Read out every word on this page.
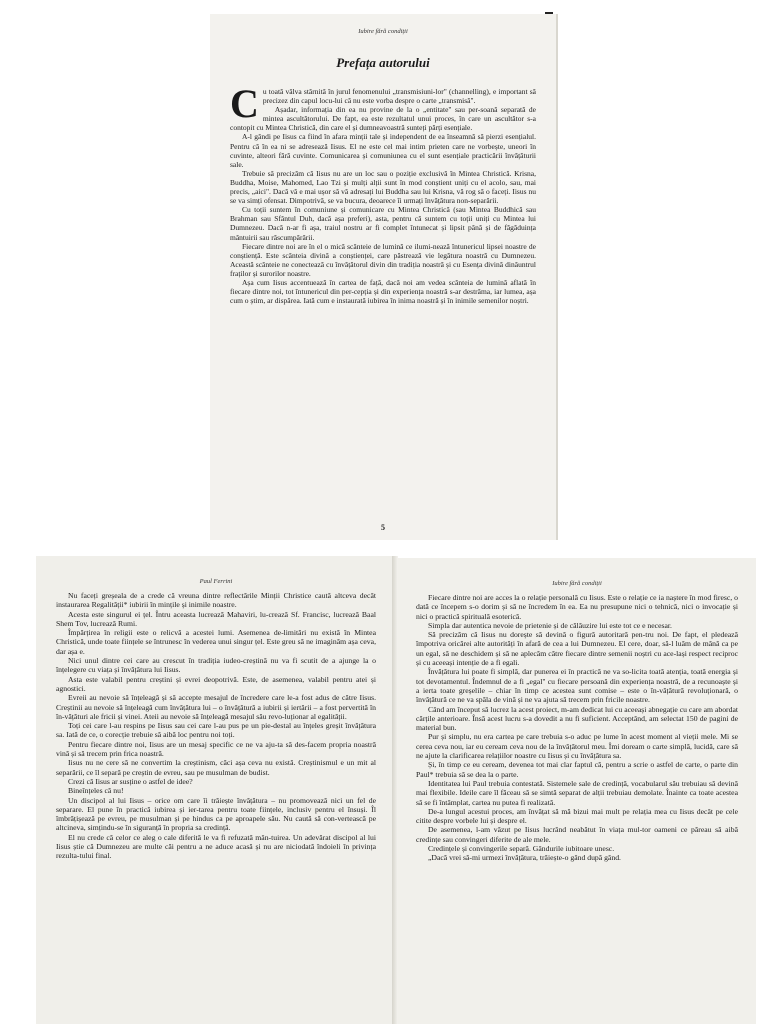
Iubire fără condiții
Prefața autorului

Cu toată vâlva stârnită în jurul fenomenului „transmisiuni-lor" (channelling), e important să precizez din capul locu-lui că nu este vorba despre o carte „transmisă".

Așadar, informația din ea nu provine de la o „entitate" sau per-soană separată de mintea ascultătorului. De fapt, ea este rezultatul unui proces, în care un ascultător s-a contopit cu Mintea Christică, din care el și dumneavoastră sunteți părți esențiale.

A-l gândi pe Iisus ca fiind în afara minții tale și independent de ea înseamnă să pierzi esențialul. Pentru că în ea ni se adresează Iisus. El ne este cel mai intim prieten care ne vorbește, uneori în cuvinte, alteori fără cuvinte. Comunicarea și comuniunea cu el sunt esențiale practicării învățăturii sale.

Trebuie să precizăm că Iisus nu are un loc sau o poziție exclusivă în Mintea Christică. Krisna, Buddha, Moise, Mahomed, Lao Tzi și mulți alții sunt în mod conștient uniți cu el acolo, sau, mai precis, „aici". Dacă vă e mai ușor să vă adresați lui Buddha sau lui Krisna, vă rog să o faceți. Iisus nu se va simți ofensat. Dimpotrivă, se va bucura, deoarece îi urmați învățătura non-separării.

Cu toții suntem în comuniune și comunicare cu Mintea Christică (sau Mintea Buddhică sau Brahman sau Sfântul Duh, dacă așa preferi), asta, pentru că suntem cu toții uniți cu Mintea lui Dumnezeu. Dacă n-ar fi așa, traiul nostru ar fi complet întunecat și lipsit până și de făgăduința mântuirii sau răscumpărării.

Fiecare dintre noi are în el o mică scânteie de lumină ce ilumi-nează întunericul lipsei noastre de conștiență. Este scânteia divină a conștienței, care păstrează vie legătura noastră cu Dumnezeu. Această scânteie ne conectează cu învățătorul divin din tradiția noastră și cu Esența divină dinăuntrul fraților și surorilor noastre.

Așa cum Iisus accentuează în cartea de față, dacă noi am vedea scânteia de lumină aflată în fiecare dintre noi, tot întunericul din per-cepția și din experiența noastră s-ar destrăma, iar lumea, așa cum o știm, ar dispărea. Iată cum e instaurată iubirea în inima noastră și în inimile semenilor noștri.

5
Paul Ferrini

Nu faceți greșeala de a crede că vreuna dintre reflectările Minții Christice caută altceva decât instaurarea Regalității* iubirii în mințile și inimile noastre.

Acesta este singurul ei țel. Întru aceasta lucrează Mahaviri, lu-crează Sf. Francisc, lucrează Baal Shem Tov, lucrează Rumi.

Împărțirea în religii este o relicvă a acestei lumi. Asemenea de-limitări nu există în Mintea Christică, unde toate ființele se întrunesc în vederea unui singur țel. Este greu să ne imaginăm așa ceva, dar așa e.

Nici unul dintre cei care au crescut în tradiția iudeo-creștină nu va fi scutit de a ajunge la o înțelegere cu viața și învățătura lui Iisus.

Asta este valabil pentru creștini și evrei deopotrivă. Este, de asemenea, valabil pentru atei și agnostici.

Evreii au nevoie să înțeleagă și să accepte mesajul de încredere care le-a fost adus de către Iisus. Creștinii au nevoie să înțeleagă cum învățătura lui – o învățătură a iubirii și iertării – a fost pervertită în în-vățături ale fricii și vinei. Ateii au nevoie să înțeleagă mesajul său revo-luționar al egalității.

Toți cei care l-au respins pe Iisus sau cei care l-au pus pe un pie-destal au înțeles greșit învățătura sa. Iată de ce, o corecție trebuie să aibă loc pentru noi toți.

Pentru fiecare dintre noi, Iisus are un mesaj specific ce ne va aju-ta să des-facem propria noastră vină și să trecem prin frica noastră.

Iisus nu ne cere să ne convertim la creștinism, căci așa ceva nu există. Creștinismul e un mit al separării, ce îl separă pe creștin de evreu, sau pe musulman de budist.

Crezi că Iisus ar susține o astfel de idee?

Bineînțeles că nu!

Un discipol al lui Iisus – orice om care îi trăiește învățătura – nu promovează nici un fel de separare. El pune în practică iubirea și ier-tarea pentru toate ființele, inclusiv pentru el însuși. Îl îmbrățișează pe evreu, pe musulman și pe hindus ca pe aproapele său. Nu caută să con-vertească pe altcineva, simțindu-se în siguranță în propria sa credință.

El nu crede că celor ce aleg o cale diferită le va fi refuzată mân-tuirea. Un adevărat discipol al lui Iisus știe că Dumnezeu are multe căi pentru a ne aduce acasă și nu are niciodată îndoieli în privința rezulta-tului final.

Iubire fără condiții

Fiecare dintre noi are acces la o relație personală cu Iisus. Este o relație ce ia naștere în mod firesc, o dată ce începem s-o dorim și să ne încredem în ea. Ea nu presupune nici o tehnică, nici o invocație și nici o practică spirituală esoterică.

Simpla dar autentica nevoie de prietenie și de călăuzire lui este tot ce e necesar.

Să precizăm că Iisus nu dorește să devină o figură autoritară pen-tru noi. De fapt, el pledează împotriva oricărei alte autorități în afară de cea a lui Dumnezeu. El cere, doar, să-l luăm de mână ca pe un egal, să ne deschidem și să ne aplecăm către fiecare dintre semenii noștri cu ace-lași respect reciproc și cu aceeași intenție de a fi egali.

Învățătura lui poate fi simplă, dar punerea ei în practică ne va so-licita toată atenția, toată energia și tot devotamentul. Îndemnul de a fi „egal" cu fiecare persoană din experiența noastră, de a recunoaște și a ierta toate greșelile – chiar în timp ce acestea sunt comise – este o în-vățătură revoluționară, o învățătură ce ne va spăla de vină și ne va ajuta să trecem prin fricile noastre.

Când am început să lucrez la acest proiect, m-am dedicat lui cu aceeași abnegație cu care am abordat cărțile anterioare. Însă acest lucru s-a dovedit a nu fi suficient. Acceptând, am selectat 150 de pagini de material bun.

Pur și simplu, nu era cartea pe care trebuia s-o aduc pe lume în acest moment al vieții mele. Mi se cerea ceva nou, iar eu ceream ceva nou de la învățătorul meu. Îmi doream o carte simplă, lucidă, care să ne ajute la clarificarea relațiilor noastre cu Iisus și cu învățătura sa.

Și, în timp ce eu ceream, devenea tot mai clar faptul că, pentru a scrie o astfel de carte, o parte din Paul* trebuia să se dea la o parte.

Identitatea lui Paul trebuia contestată. Sistemele sale de credință, vocabularul său trebuiau să devină mai flexibile. Ideile care îl făceau să se simtă separat de alții trebuiau demolate. Înainte ca toate acestea să se fi întâmplat, cartea nu putea fi realizată.

De-a lungul acestui proces, am învățat să mă bizui mai mult pe relația mea cu Iisus decât pe cele citite despre vorbele lui și despre el.

De asemenea, l-am văzut pe Iisus lucrând neabătut în viața mul-tor oameni ce păreau să aibă credințe sau convingeri diferite de ale mele.

Credințele și convingerile separă. Gândurile iubitoare unesc.

„Dacă vrei să-mi urmezi învățătura, trăiește-o gând după gând.
